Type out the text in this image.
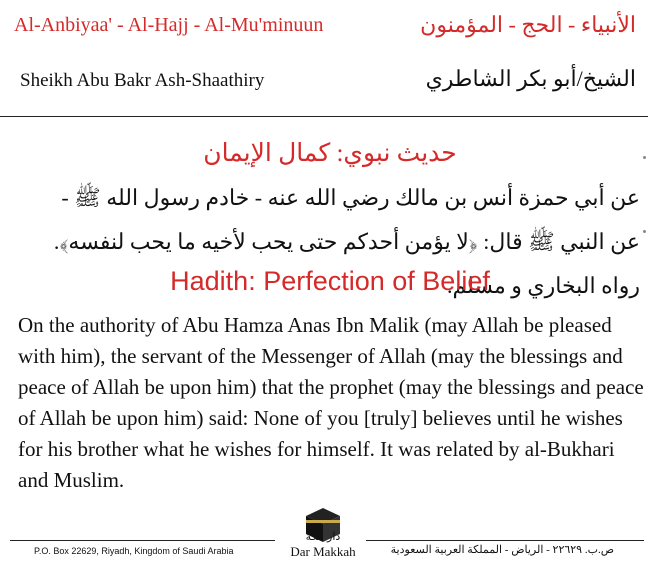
Al-Anbiyaa' - Al-Hajj - Al-Mu'minuun	الأنبياء - الحج - المؤمنون
Sheikh Abu Bakr Ash-Shaathiry	الشيخ/أبو بكر الشاطري
حديث نبوي: كمال الإيمان
عن أبي حمزة أنس بن مالك رضي الله عنه - خادم رسول الله ﷺ - عن النبي ﷺ قال: ﴿لا يؤمن أحدكم حتى يحب لأخيه ما يحب لنفسه﴾. رواه البخاري و مسلم.
Hadith: Perfection of Belief
On the authority of Abu Hamza Anas Ibn Malik (may Allah be pleased with him), the servant of the Messenger of Allah (may the blessings and peace of Allah be upon him) that the prophet (may the blessings and peace of Allah be upon him) said: None of you [truly] believes until he wishes for his brother what he wishes for himself. It was related by al-Bukhari and Muslim.
P.O. Box 22629, Riyadh, Kingdom of Saudi Arabia	ص.ب. ٢٢٦٢٩ - الرياض - المملكة العربية السعودية
دار مكة
Dar Makkah
